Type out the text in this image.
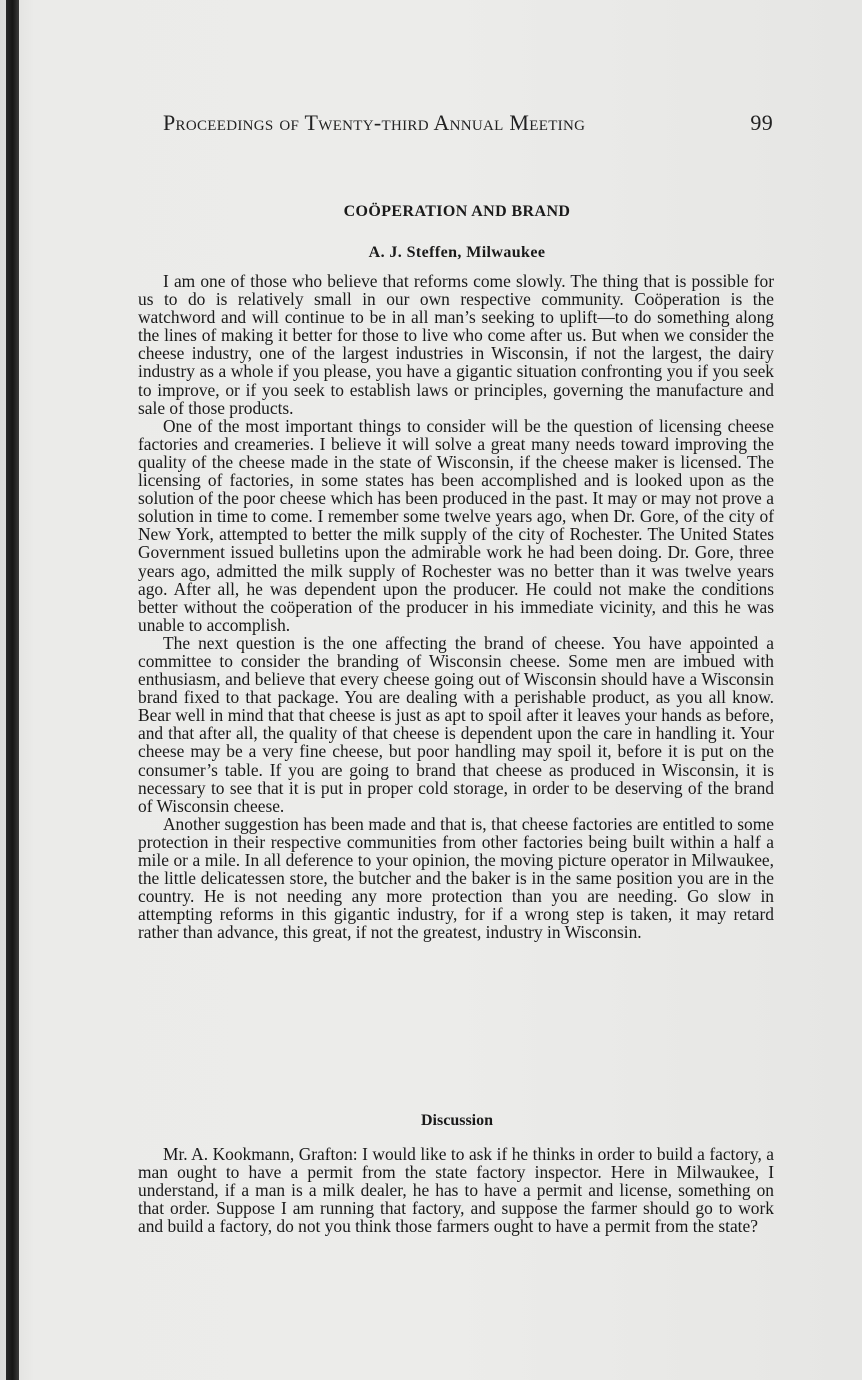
Proceedings of Twenty-third Annual Meeting	99
COÖPERATION AND BRAND
A. J. Steffen, Milwaukee

I am one of those who believe that reforms come slowly. The thing that is possible for us to do is relatively small in our own respective community. Coöperation is the watchword and will continue to be in all man’s seeking to uplift—to do something along the lines of making it better for those to live who come after us. But when we consider the cheese industry, one of the largest industries in Wisconsin, if not the largest, the dairy industry as a whole if you please, you have a gigantic situation confronting you if you seek to improve, or if you seek to establish laws or principles, governing the manufacture and sale of those products.

One of the most important things to consider will be the question of licensing cheese factories and creameries. I believe it will solve a great many needs toward improving the quality of the cheese made in the state of Wisconsin, if the cheese maker is licensed. The licensing of factories, in some states has been accomplished and is looked upon as the solution of the poor cheese which has been produced in the past. It may or may not prove a solution in time to come. I remember some twelve years ago, when Dr. Gore, of the city of New York, attempted to better the milk supply of the city of Rochester. The United States Government issued bulletins upon the admirable work he had been doing. Dr. Gore, three years ago, admitted the milk supply of Rochester was no better than it was twelve years ago. After all, he was dependent upon the producer. He could not make the conditions better without the coöperation of the producer in his immediate vicinity, and this he was unable to accomplish.

The next question is the one affecting the brand of cheese. You have appointed a committee to consider the branding of Wisconsin cheese. Some men are imbued with enthusiasm, and believe that every cheese going out of Wisconsin should have a Wisconsin brand fixed to that package. You are dealing with a perishable product, as you all know. Bear well in mind that that cheese is just as apt to spoil after it leaves your hands as before, and that after all, the quality of that cheese is dependent upon the care in handling it. Your cheese may be a very fine cheese, but poor handling may spoil it, before it is put on the consumer’s table. If you are going to brand that cheese as produced in Wisconsin, it is necessary to see that it is put in proper cold storage, in order to be deserving of the brand of Wisconsin cheese.

Another suggestion has been made and that is, that cheese factories are entitled to some protection in their respective communities from other factories being built within a half a mile or a mile. In all deference to your opinion, the moving picture operator in Milwaukee, the little delicatessen store, the butcher and the baker is in the same position you are in the country. He is not needing any more protection than you are needing. Go slow in attempting reforms in this gigantic industry, for if a wrong step is taken, it may retard rather than advance, this great, if not the greatest, industry in Wisconsin.

Discussion

Mr. A. Kookmann, Grafton: I would like to ask if he thinks in order to build a factory, a man ought to have a permit from the state factory inspector. Here in Milwaukee, I understand, if a man is a milk dealer, he has to have a permit and license, something on that order. Suppose I am running that factory, and suppose the farmer should go to work and build a factory, do not you think those farmers ought to have a permit from the state?
